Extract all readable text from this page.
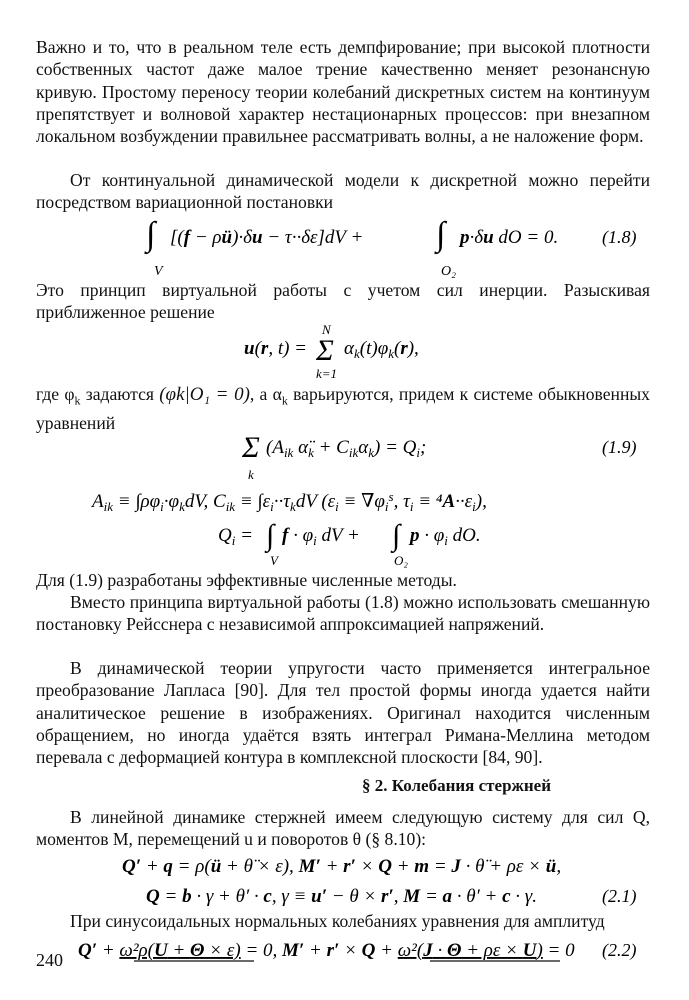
Важно и то, что в реальном теле есть демпфирование; при высокой плотности собственных частот даже малое трение качественно меняет резонансную кривую. Простому переносу теории колебаний дискретных систем на континуум препятствует и волновой характер нестационарных процессов: при внезапном локальном возбуждении правильнее рассматривать волны, а не наложение форм.

От континуальной динамической модели к дискретной можно перейти посредством вариационной постановки

∫
V
[(f − ρü)·δu − τ··δε]dV + ∫
O₂
p·δu dO = 0. (1.8)

Это принцип виртуальной работы с учетом сил инерции. Разыскивая приближенное решение

u(r, t) =
N
Σ
k=1
$\alpha_k(t)\varphi_k(r)$,

где $\varphi_k$ задаются (φk|O₁ = 0), а $\alpha_k$ варьируются, придем к системе обыкновенных уравнений

Σ
k
($A_{ik}$ $\alphä_k + C_{ik}\alpha_k) = Q_i$;	(1.9)
$A_{ik} \equiv \int\rho\varphi_i\cdot\varphi_kdV$, $C_{ik} \equiv \int\varepsilon_i\cdot\cdot\tau_kdV$ ($\varepsilon_i \equiv \nabla\varphi_i^s$, $\tau_i \equiv ^4A\cdot\cdot\varepsilon_i$),
$Q_i$ = ∫
V
$f \cdot \varphi_i$ dV + ∫
O₂
$p \cdot \varphi_i$ dO.

Для (1.9) разработаны эффективные численные методы.

Вместо принципа виртуальной работы (1.8) можно использовать смешанную постановку Рейсснера с независимой аппроксимацией напряжений.

В динамической теории упругости часто применяется интегральное преобразование Лапласа [90]. Для тел простой формы иногда удается найти аналитическое решение в изображениях. Оригинал находится численным обращением, но иногда удаётся взять интеграл Римана-Меллина методом перевала с деформацией контура в комплексной плоскости [84, 90].

§ 2. Колебания стержней

В линейной динамике стержней имеем следующую систему для сил Q, моментов M, перемещений u и поворотов θ (§ 8.10):

Q′ + q = ρ(ü + θ̈ × ε), M′ + r′ × Q + m = J · θ̈ + ρε × ü,
Q = b · γ + θ′ · c, γ ≡ u′ − θ × r′, M = a · θ′ + c · γ.	(2.1)

При синусоидальных нормальных колебаниях уравнения для амплитуд

Q′ + ω²ρ(U + Θ × ε) = 0, M′ + r′ × Q + ω²(J · Θ + ρε × U) = 0 (2.2)
240
